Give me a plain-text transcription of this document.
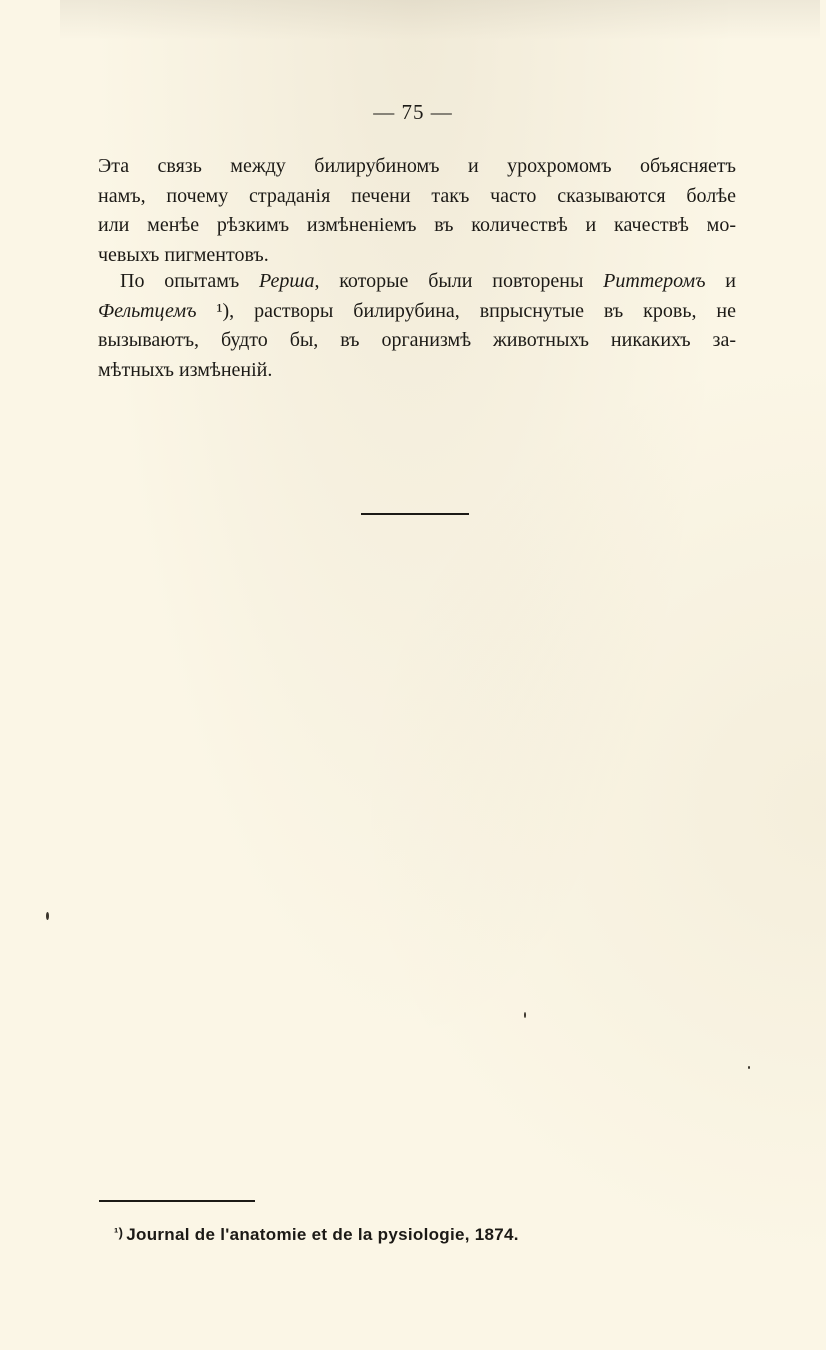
— 75 —
Эта связь между билирубиномъ и урохромомъ объясняетъ
намъ, почему страданія печени такъ часто сказываются болѣе
или менѣе рѣзкимъ измѣненіемъ въ количествѣ и качествѣ мо-
чевыхъ пигментовъ.
По опытамъ Рерша, которые были повторены Риттеромъ и
Фельтцемъ ¹), растворы билирубина, впрыснутые въ кровь, не
вызываютъ, будто бы, въ организмѣ животныхъ никакихъ за-
мѣтныхъ измѣненій.
¹) Journal de l'anatomie et de la pysiologie, 1874.
